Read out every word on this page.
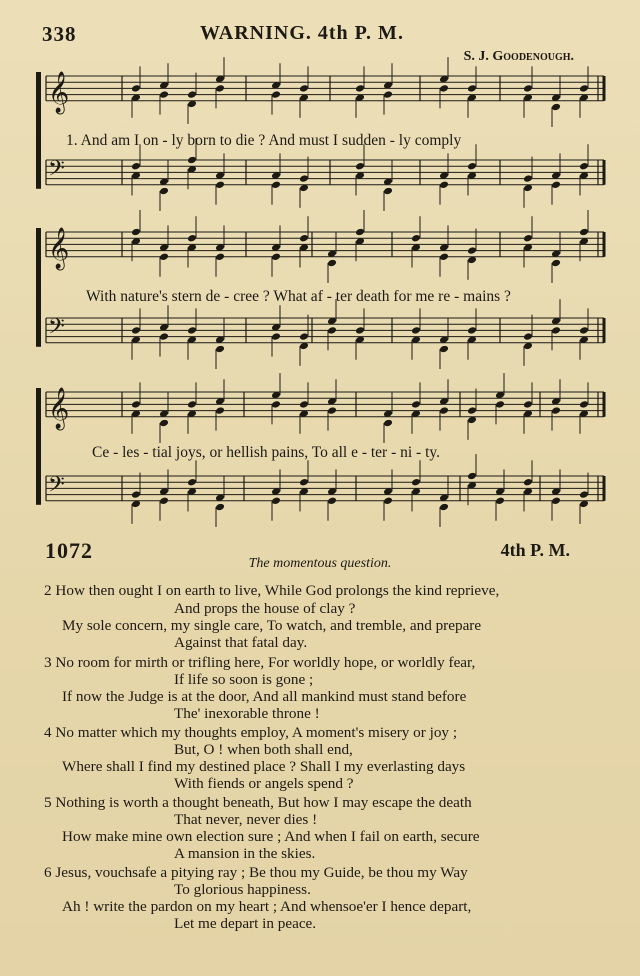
338	WARNING. 4th P. M.
S. J. Goodenough.
𝄞
𝄢
𝄞
𝄢
𝄞
𝄢
1. And am I on - ly born to die ? And must I sudden - ly comply
With nature's stern de - cree ? What af - ter death for me re - mains ?
Ce - les - tial joys, or hellish pains, To all e - ter - ni - ty.
1072	4th P. M.
The momentous question.
2 How then ought I on earth to live, While God prolongs the kind reprieve,
And props the house of clay ?
My sole concern, my single care, To watch, and tremble, and prepare
Against that fatal day.
3 No room for mirth or trifling here, For worldly hope, or worldly fear,
If life so soon is gone ;
If now the Judge is at the door, And all mankind must stand before
The' inexorable throne !
4 No matter which my thoughts employ, A moment's misery or joy ;
But, O ! when both shall end,
Where shall I find my destined place ? Shall I my everlasting days
With fiends or angels spend ?
5 Nothing is worth a thought beneath, But how I may escape the death
That never, never dies !
How make mine own election sure ; And when I fail on earth, secure
A mansion in the skies.
6 Jesus, vouchsafe a pitying ray ; Be thou my Guide, be thou my Way
To glorious happiness.
Ah ! write the pardon on my heart ; And whensoe'er I hence depart,
Let me depart in peace.
